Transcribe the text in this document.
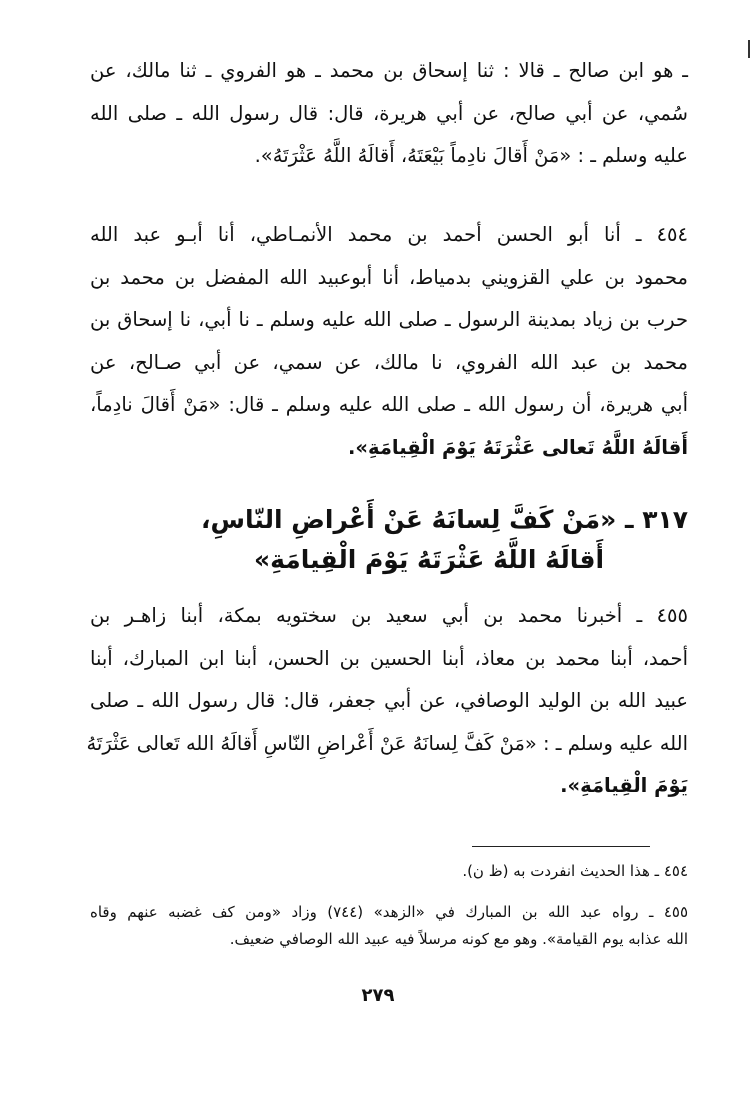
ـ هو ابن صالح ـ قالا : ثنا إسحاق بن محمد ـ هو الفروي ـ ثنا مالك، عن
سُمي، عن أبي صالح، عن أبي هريرة، قال: قال رسول الله ـ صلى الله
عليه وسلم ـ : «مَنْ أَقالَ نادِماً بَيْعَتَهُ، أَقالَهُ اللَّهُ عَثْرَتَهُ».
٤٥٤ ـ أنا أبو الحسن أحمد بن محمد الأنمـاطي، أنا أبـو عبد الله
محمود بن علي القزويني بدمياط، أنا أبوعبيد الله المفضل بن محمد بن
حرب بن زياد بمدينة الرسول ـ صلى الله عليه وسلم ـ نا أبي، نا إسحاق بن
محمد بن عبد الله الفروي، نا مالك، عن سمي، عن أبي صـالح، عن
أبي هريرة، أن رسول الله ـ صلى الله عليه وسلم ـ قال: «مَنْ أَقالَ نادِماً،
أَقالَهُ اللَّهُ تَعالى عَثْرَتَهُ يَوْمَ الْقِيامَةِ».
٣١٧ ـ «مَنْ كَفَّ لِسانَهُ عَنْ أَعْراضِ النّاسِ،
أَقالَهُ اللَّهُ عَثْرَتَهُ يَوْمَ الْقِيامَةِ»
٤٥٥ ـ أخبرنا محمد بن أبي سعيد بن سختويه بمكة، أبنا زاهـر بن
أحمد، أبنا محمد بن معاذ، أبنا الحسين بن الحسن، أبنا ابن المبارك، أبنا
عبيد الله بن الوليد الوصافي، عن أبي جعفر، قال: قال رسول الله ـ صلى
الله عليه وسلم ـ : «مَنْ كَفَّ لِسانَهُ عَنْ أَعْراضِ النّاسِ أَقالَهُ الله تَعالى عَثْرَتَهُ
يَوْمَ الْقِيامَةِ».
٤٥٤ ـ هذا الحديث انفردت به (ظ ن).
٤٥٥ ـ رواه عبد الله بن المبارك في «الزهد» (٧٤٤) وزاد «ومن كف غضبه عنهم وقاه
الله عذابه يوم القيامة». وهو مع كونه مرسلاً فيه عبيد الله الوصافي ضعيف.
٢٧٩
